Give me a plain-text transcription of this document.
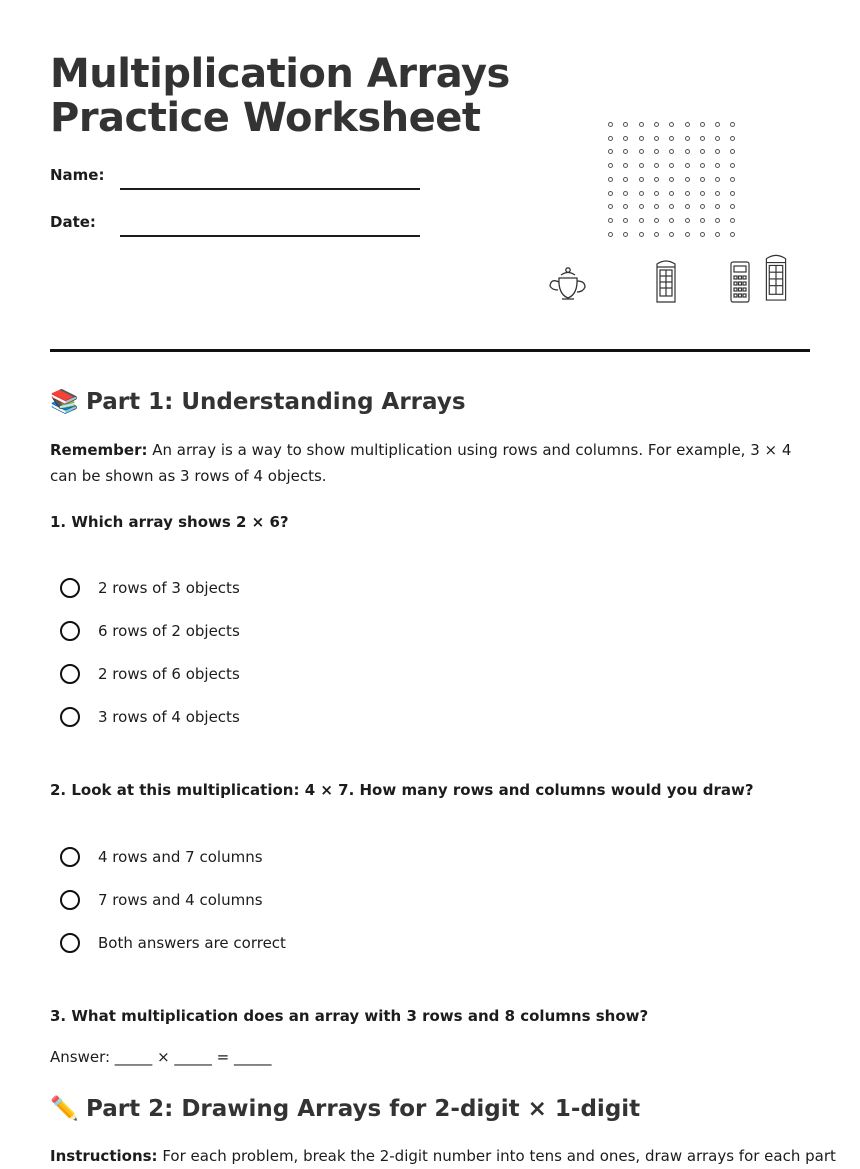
Multiplication Arrays
Practice Worksheet
Name:
Date:
📚 Part 1: Understanding Arrays

Remember: An array is a way to show multiplication using rows and columns. For example, 3 × 4 can be shown as 3 rows of 4 objects.

1. Which array shows 2 × 6?

2 rows of 3 objects
6 rows of 2 objects
2 rows of 6 objects
3 rows of 4 objects

2. Look at this multiplication: 4 × 7. How many rows and columns would you draw?

4 rows and 7 columns
7 rows and 4 columns
Both answers are correct

3. What multiplication does an array with 3 rows and 8 columns show?

Answer: _____ × _____ = _____
✏️ Part 2: Drawing Arrays for 2-digit × 1-digit

Instructions: For each problem, break the 2-digit number into tens and ones, draw arrays for each part
